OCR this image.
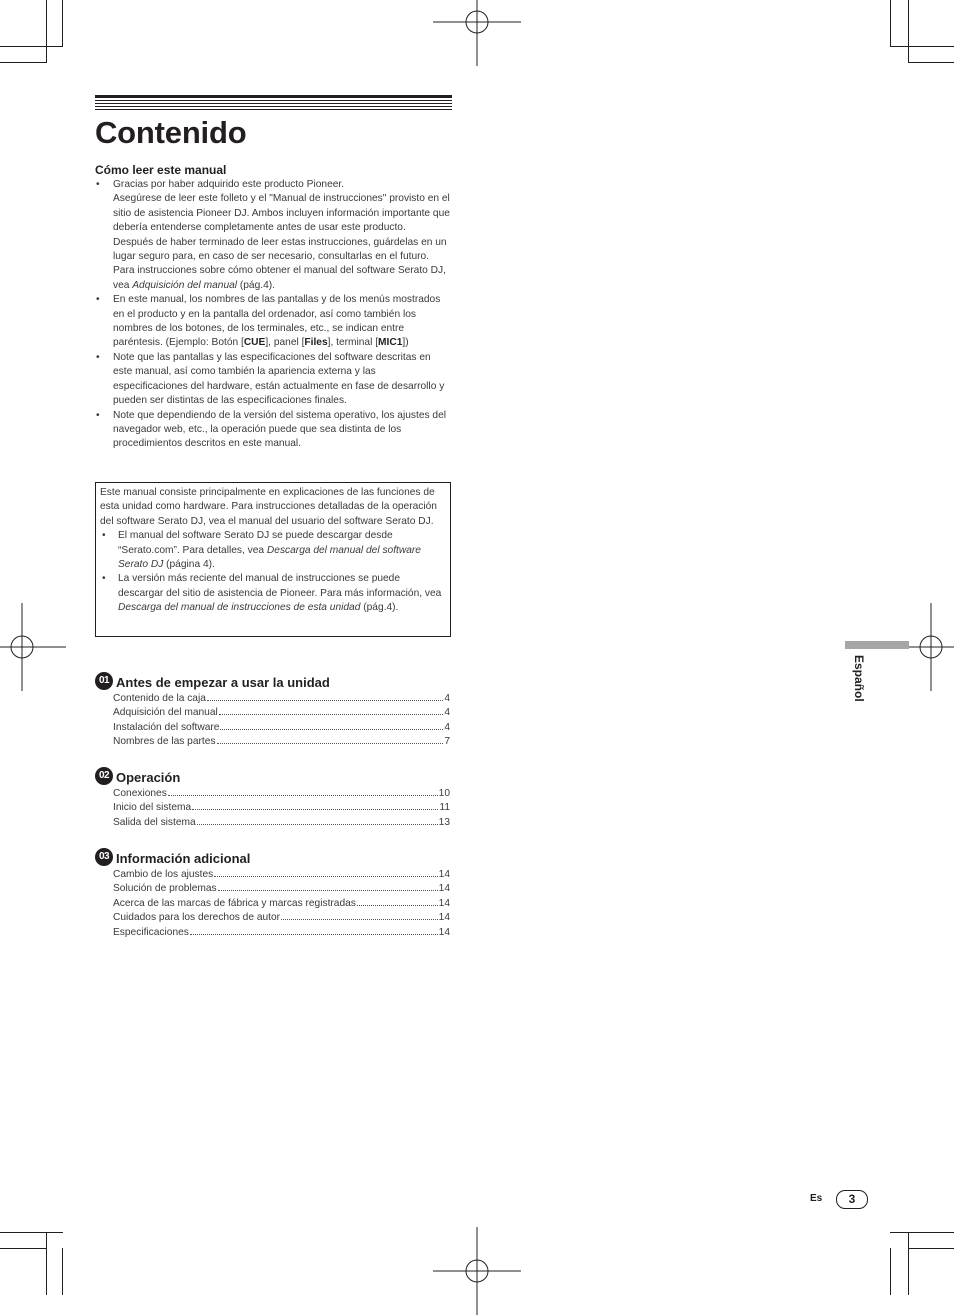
Contenido
Cómo leer este manual

• Gracias por haber adquirido este producto Pioneer.

Asegúrese de leer este folleto y el "Manual de instrucciones" provisto en el sitio de asistencia Pioneer DJ. Ambos incluyen información importante que debería entenderse completamente antes de usar este producto.

Después de haber terminado de leer estas instrucciones, guárdelas en un lugar seguro para, en caso de ser necesario, consultarlas en el futuro.

Para instrucciones sobre cómo obtener el manual del software Serato DJ, vea Adquisición del manual (pág.4).

• En este manual, los nombres de las pantallas y de los menús mostrados en el producto y en la pantalla del ordenador, así como también los nombres de los botones, de los terminales, etc., se indican entre paréntesis. (Ejemplo: Botón [CUE], panel [Files], terminal [MIC1])
• Note que las pantallas y las especificaciones del software descritas en este manual, así como también la apariencia externa y las especificaciones del hardware, están actualmente en fase de desarrollo y pueden ser distintas de las especificaciones finales.
• Note que dependiendo de la versión del sistema operativo, los ajustes del navegador web, etc., la operación puede que sea distinta de los procedimientos descritos en este manual.

Este manual consiste principalmente en explicaciones de las funciones de esta unidad como hardware. Para instrucciones detalladas de la operación del software Serato DJ, vea el manual del usuario del software Serato DJ.

• El manual del software Serato DJ se puede descargar desde “Serato.com”. Para detalles, vea Descarga del manual del software Serato DJ (página 4).
• La versión más reciente del manual de instrucciones se puede descargar del sitio de asistencia de Pioneer. Para más información, vea Descarga del manual de instrucciones de esta unidad (pág.4).
01 Antes de empezar a usar la unidad
Contenido de la caja	4
Adquisición del manual	4
Instalación del software	4
Nombres de las partes	7
02 Operación
Conexiones	10
Inicio del sistema	11
Salida del sistema	13
03 Información adicional
Cambio de los ajustes	14
Solución de problemas	14
Acerca de las marcas de fábrica y marcas registradas	14
Cuidados para los derechos de autor	14
Especificaciones	14
Español
Es	3
